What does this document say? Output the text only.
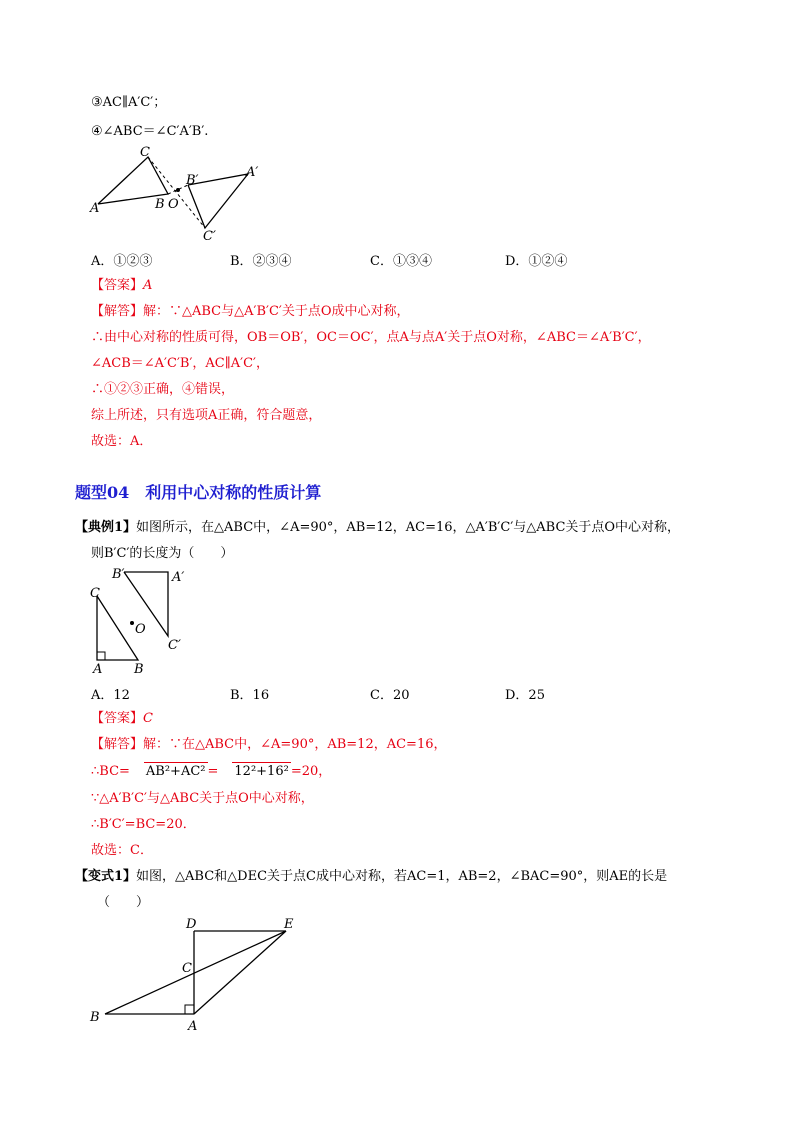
③AC∥A′C′；
④∠ABC＝∠C′A′B′.
C
A	B O
B′
A′
C′
A．①②③	B．②③④	C．①③④	D．①②④
【答案】A
【解答】解：∵△ABC与△A′B′C′关于点O成中心对称，
∴由中心对称的性质可得，OB＝OB′，OC＝OC′，点A与点A′关于点O对称，∠ABC＝∠A′B′C′，
∠ACB＝∠A′C′B′，AC∥A′C′，
∴①②③正确，④错误，
综上所述，只有选项A正确，符合题意，
故选：A．
题型04　利用中心对称的性质计算
【典例1】如图所示，在△ABC中，∠A=90°，AB=12，AC=16，△A′B′C′与△ABC关于点O中心对称，
则B′C′的长度为（　　）
B′	A′
C
O
C′
A B
A．12	B．16	C．20	D．25
【答案】C
【解答】解：∵在△ABC中，∠A=90°，AB=12，AC=16，
∴BC= AB²+AC² = 12²+16² =20，
∵△A′B′C′与△ABC关于点O中心对称，
∴B′C′=BC=20．
故选：C．
【变式1】如图，△ABC和△DEC关于点C成中心对称，若AC=1，AB=2，∠BAC=90°，则AE的长是
（　　）
D	E
C
B
A
